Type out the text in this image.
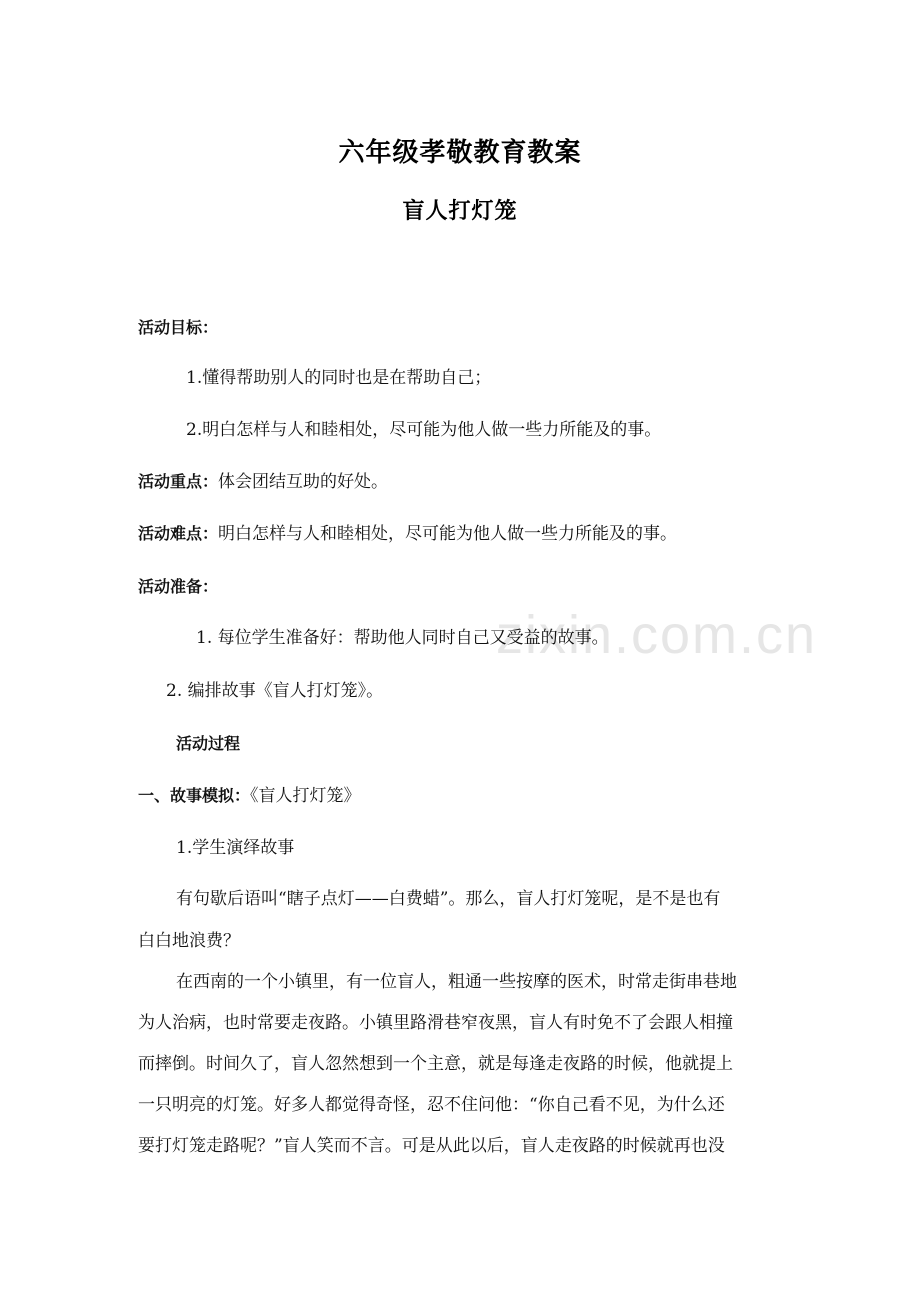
zixin.com.cn
六年级孝敬教育教案
盲人打灯笼
活动目标：
1.懂得帮助别人的同时也是在帮助自己；
2.明白怎样与人和睦相处，尽可能为他人做一些力所能及的事。
活动重点：体会团结互助的好处。
活动难点：明白怎样与人和睦相处，尽可能为他人做一些力所能及的事。
活动准备：
1. 每位学生准备好：帮助他人同时自己又受益的故事。
2. 编排故事《盲人打灯笼》。
活动过程
一、故事模拟：《盲人打灯笼》
1.学生演绎故事
有句歇后语叫“瞎子点灯——白费蜡”。那么，盲人打灯笼呢，是不是也有
白白地浪费？
在西南的一个小镇里，有一位盲人，粗通一些按摩的医术，时常走街串巷地
为人治病，也时常要走夜路。小镇里路滑巷窄夜黑，盲人有时免不了会跟人相撞
而摔倒。时间久了，盲人忽然想到一个主意，就是每逢走夜路的时候，他就提上
一只明亮的灯笼。好多人都觉得奇怪，忍不住问他：“你自己看不见，为什么还
要打灯笼走路呢？”盲人笑而不言。可是从此以后，盲人走夜路的时候就再也没
